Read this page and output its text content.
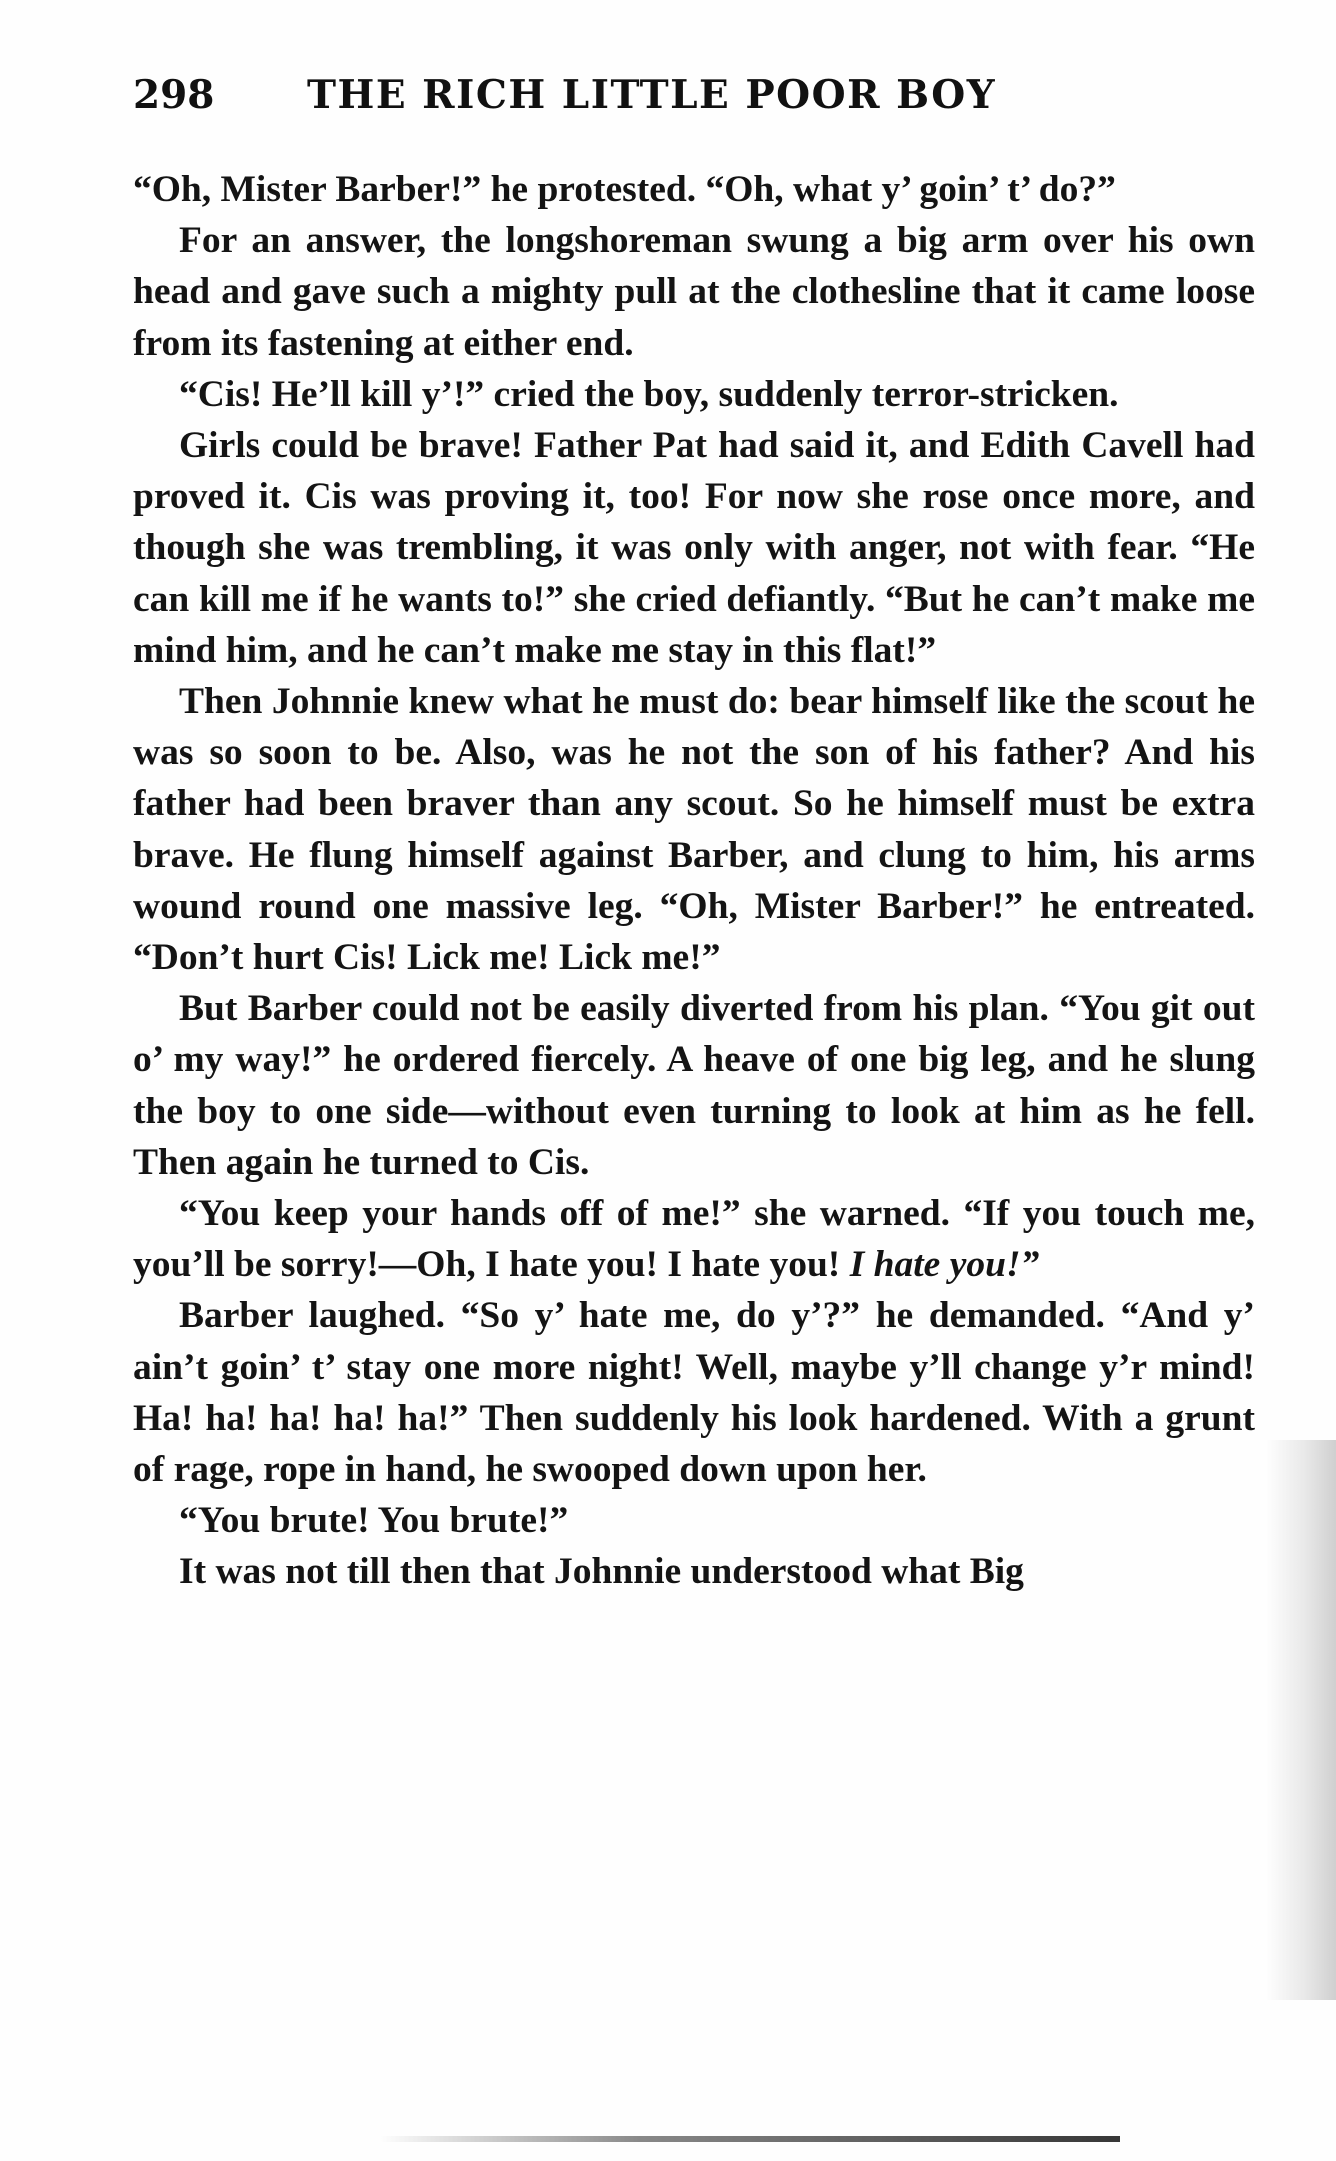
298 THE RICH LITTLE POOR BOY

“Oh, Mister Barber!” he protested. “Oh, what y’ goin’ t’ do?”

For an answer, the longshoreman swung a big arm over his own head and gave such a mighty pull at the clothesline that it came loose from its fastening at either end.

“Cis! He’ll kill y’!” cried the boy, suddenly terror-stricken.

Girls could be brave! Father Pat had said it, and Edith Cavell had proved it. Cis was proving it, too! For now she rose once more, and though she was trembling, it was only with anger, not with fear. “He can kill me if he wants to!” she cried defiantly. “But he can’t make me mind him, and he can’t make me stay in this flat!”

Then Johnnie knew what he must do: bear himself like the scout he was so soon to be. Also, was he not the son of his father? And his father had been braver than any scout. So he himself must be extra brave. He flung himself against Barber, and clung to him, his arms wound round one massive leg. “Oh, Mister Barber!” he entreated. “Don’t hurt Cis! Lick me! Lick me!”

But Barber could not be easily diverted from his plan. “You git out o’ my way!” he ordered fiercely. A heave of one big leg, and he slung the boy to one side—without even turning to look at him as he fell. Then again he turned to Cis.

“You keep your hands off of me!” she warned. “If you touch me, you’ll be sorry!—Oh, I hate you! I hate you! I hate you!”

Barber laughed. “So y’ hate me, do y’?” he demanded. “And y’ ain’t goin’ t’ stay one more night! Well, maybe y’ll change y’r mind! Ha! ha! ha! ha! ha!” Then suddenly his look hardened. With a grunt of rage, rope in hand, he swooped down upon her.

“You brute! You brute!”

It was not till then that Johnnie understood what Big
